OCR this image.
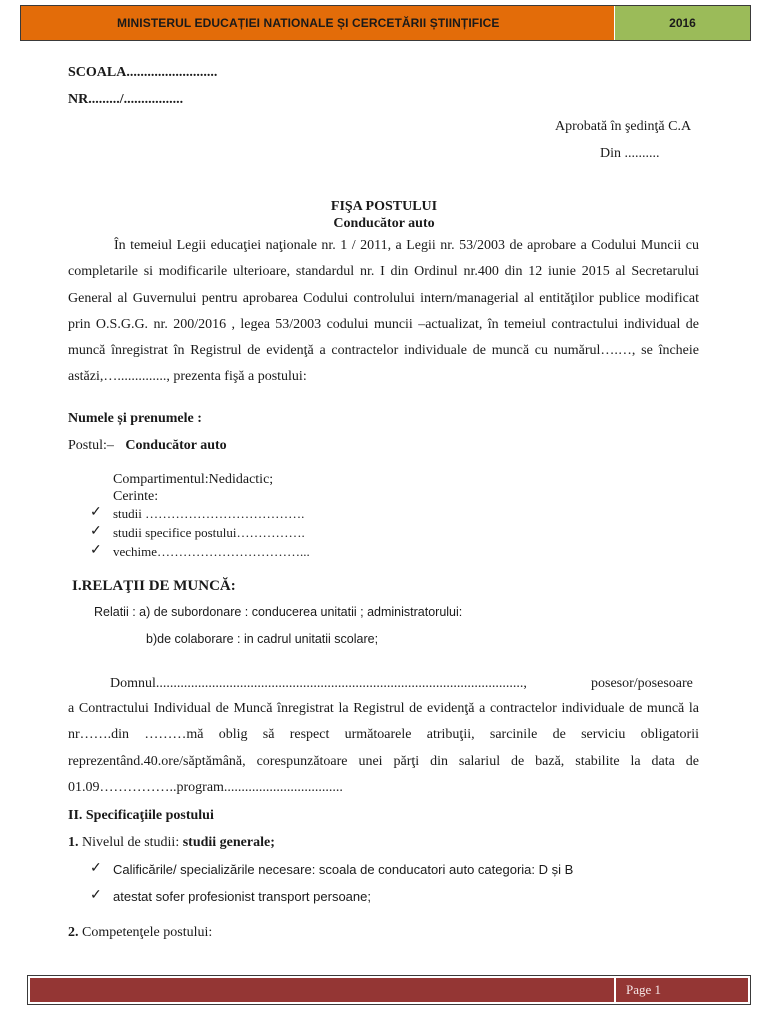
MINISTERUL EDUCAȚIEI NATIONALE ȘI CERCETĂRII ȘTIINȚIFICE	2016
SCOALA..........................
NR........./.................
Aprobată în şedinţă C.A
Din ..........
FIŞA POSTULUI
Conducător auto
În temeiul Legii educaţiei naţionale nr. 1 / 2011, a Legii nr. 53/2003 de aprobare a Codului Muncii cu completarile si modificarile ulterioare, standardul nr. I din Ordinul nr.400 din 12 iunie 2015 al Secretarului General al Guvernului pentru aprobarea Codului controlului intern/managerial al entităţilor publice modificat prin O.S.G.G. nr. 200/2016 , legea 53/2003 codului muncii –actualizat, în temeiul contractului individual de muncă înregistrat în Registrul de evidenţă a contractelor individuale de muncă cu numărul….…, se încheie astăzi,….............., prezenta fişă a postului:
Numele și prenumele :
Postul:– Conducător auto
Compartimentul:Nedidactic;
Cerinte:
✓ studii ……………………………….
✓ studii specifice postului…………….
✓ vechime……………………………...
I.RELAŢII DE MUNCĂ:
Relatii : a) de subordonare : conducerea unitatii ; administratorului:
b)de colaborare : in cadrul unitatii scolare;
Domnul.........................................................................................................,	posesor/posesoare
a Contractului Individual de Muncă înregistrat la Registrul de evidenţă a contractelor individuale de muncă la nr…….din ………mă oblig să respect următoarele atribuţii, sarcinile de serviciu obligatorii reprezentând.40.ore/săptămână, corespunzătoare unei părţi din salariul de bază, stabilite la data de 01.09……………..program..................................
II. Specificaţiile postului
1. Nivelul de studii: studii generale;
✓ Calificările/ specializările necesare: scoala de conducatori auto categoria: D și B
✓ atestat sofer profesionist transport persoane;
2. Competenţele postului:
Page 1
